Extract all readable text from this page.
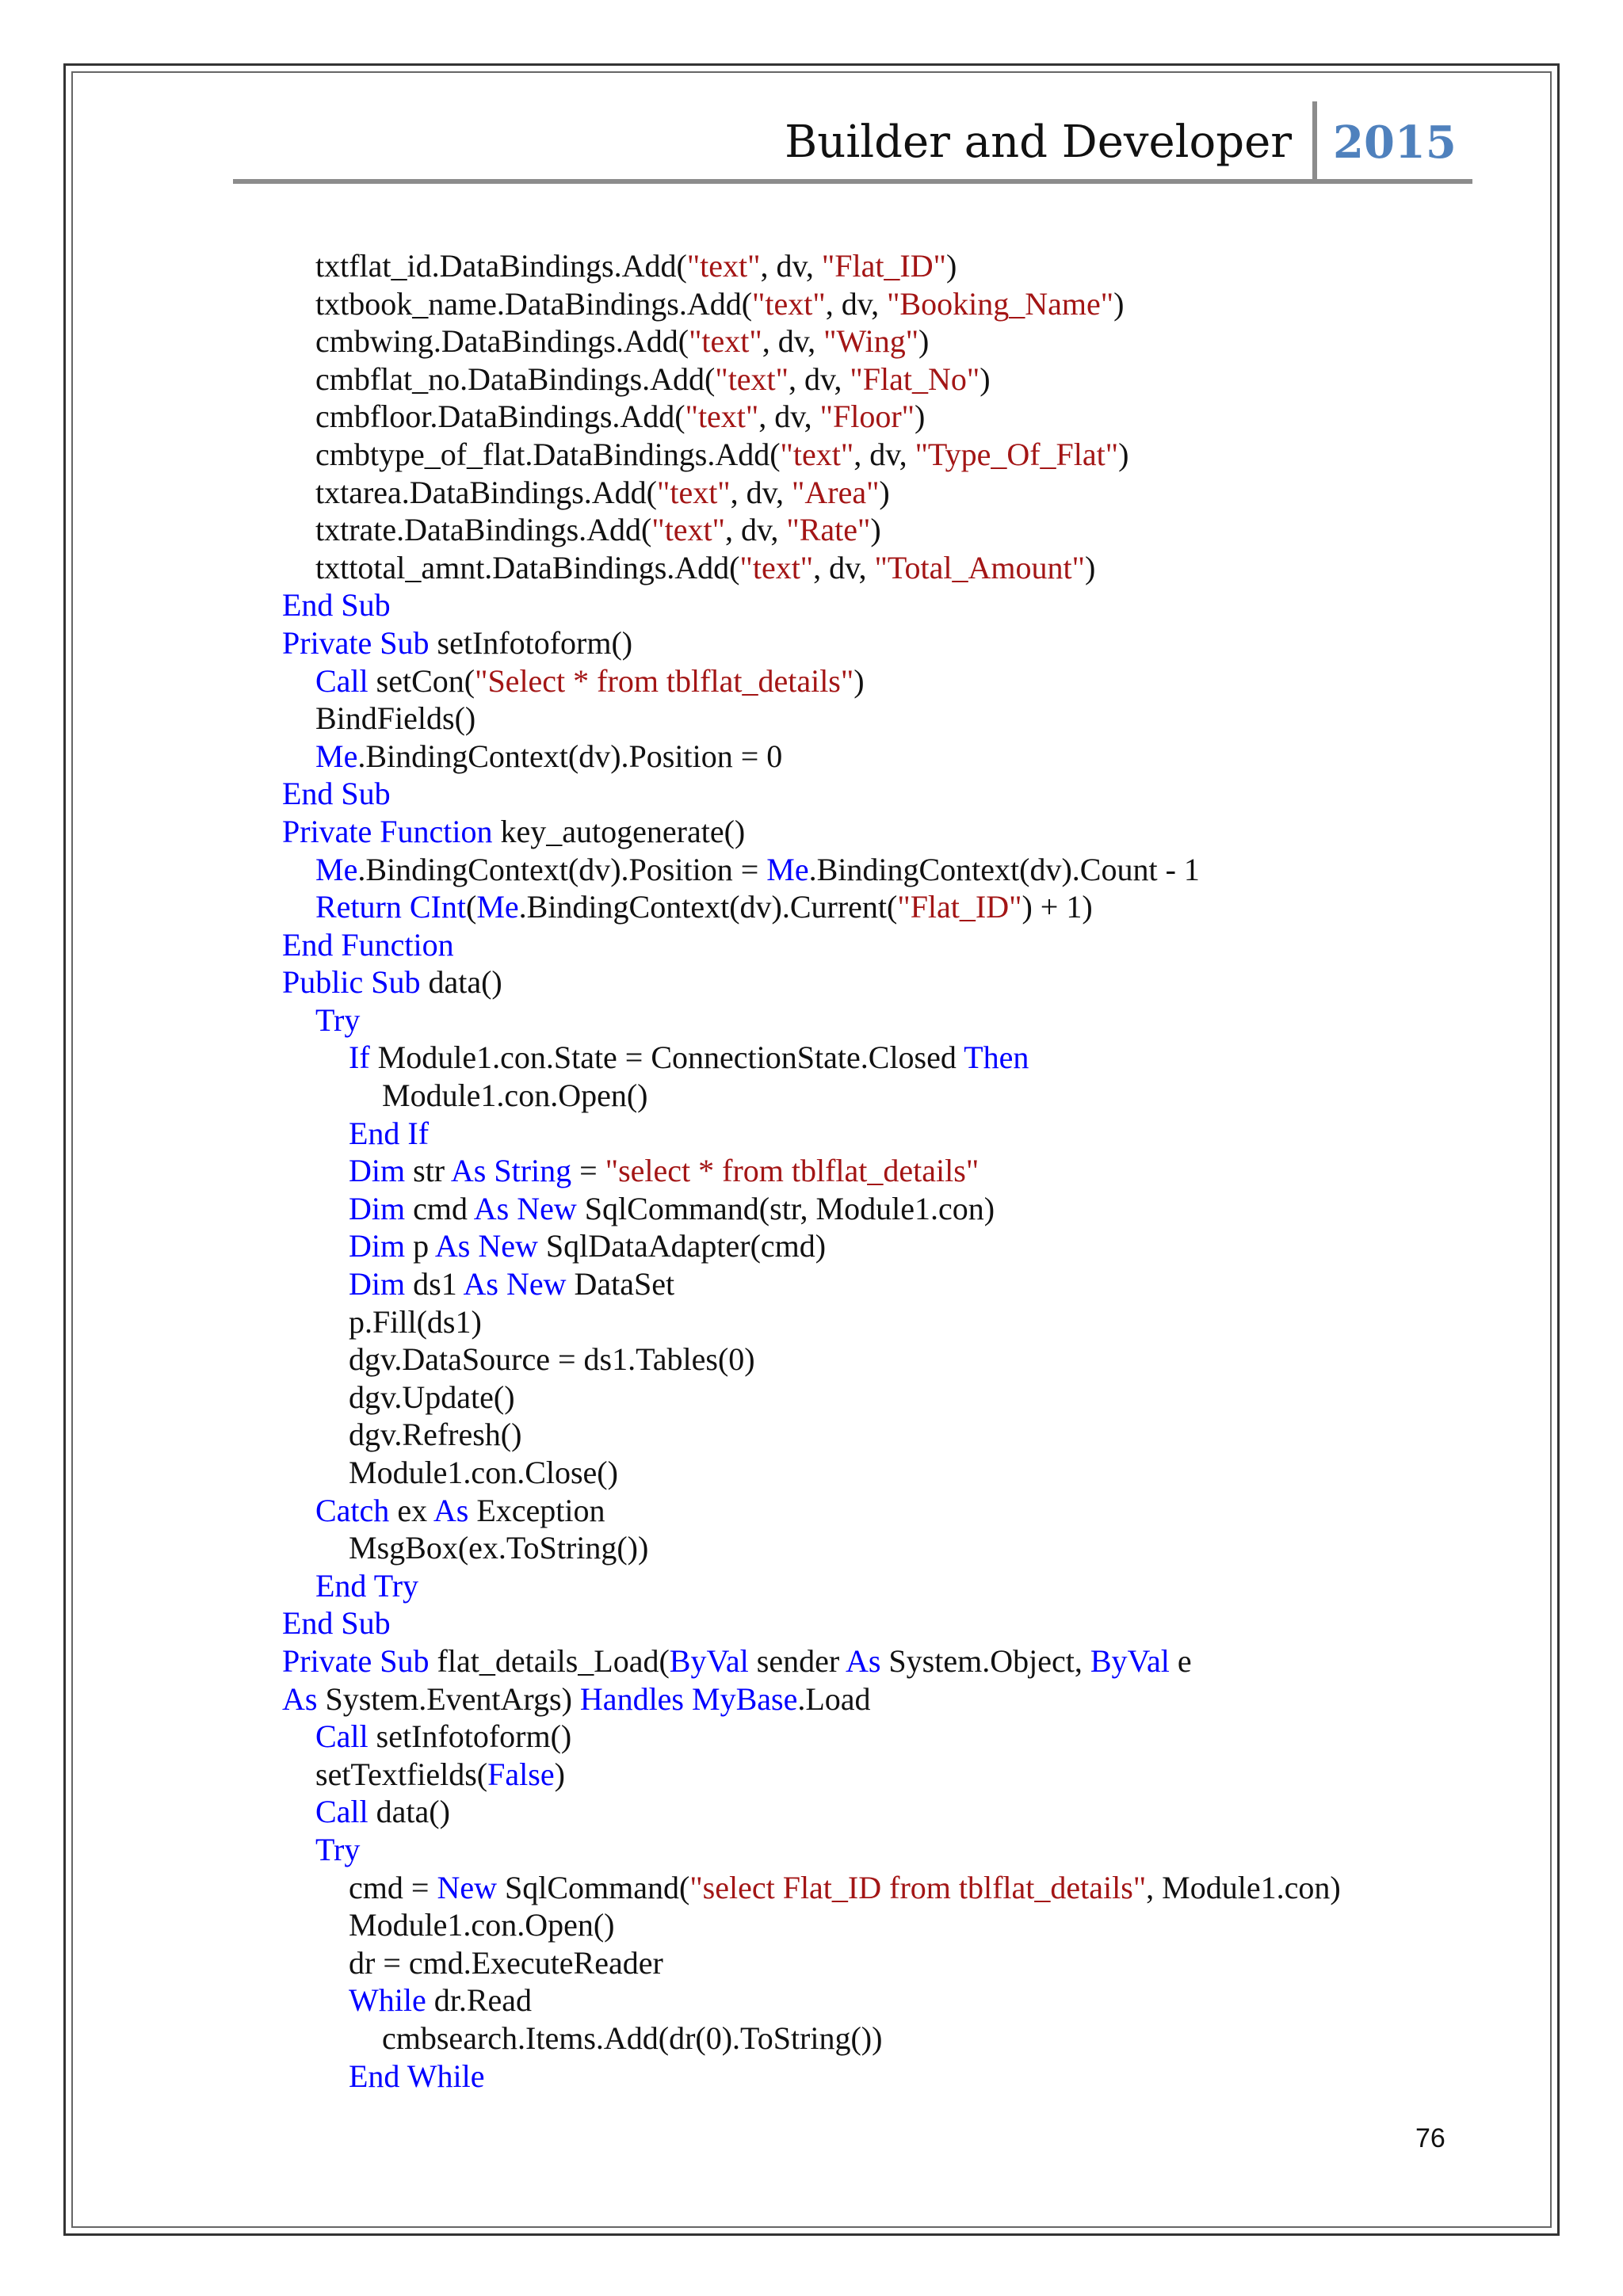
Builder and Developer 2015
txtflat_id.DataBindings.Add("text", dv, "Flat_ID")
txtbook_name.DataBindings.Add("text", dv, "Booking_Name")
cmbwing.DataBindings.Add("text", dv, "Wing")
cmbflat_no.DataBindings.Add("text", dv, "Flat_No")
cmbfloor.DataBindings.Add("text", dv, "Floor")
cmbtype_of_flat.DataBindings.Add("text", dv, "Type_Of_Flat")
txtarea.DataBindings.Add("text", dv, "Area")
txtrate.DataBindings.Add("text", dv, "Rate")
txttotal_amnt.DataBindings.Add("text", dv, "Total_Amount")
End Sub
Private Sub setInfotoform()
Call setCon("Select * from tblflat_details")
BindFields()
Me.BindingContext(dv).Position = 0
End Sub
Private Function key_autogenerate()
Me.BindingContext(dv).Position = Me.BindingContext(dv).Count - 1
Return CInt(Me.BindingContext(dv).Current("Flat_ID") + 1)
End Function
Public Sub data()
Try
If Module1.con.State = ConnectionState.Closed Then
Module1.con.Open()
End If
Dim str As String = "select * from tblflat_details"
Dim cmd As New SqlCommand(str, Module1.con)
Dim p As New SqlDataAdapter(cmd)
Dim ds1 As New DataSet
p.Fill(ds1)
dgv.DataSource = ds1.Tables(0)
dgv.Update()
dgv.Refresh()
Module1.con.Close()
Catch ex As Exception
MsgBox(ex.ToString())
End Try
End Sub
Private Sub flat_details_Load(ByVal sender As System.Object, ByVal e
As System.EventArgs) Handles MyBase.Load
Call setInfotoform()
setTextfields(False)
Call data()
Try
cmd = New SqlCommand("select Flat_ID from tblflat_details", Module1.con)
Module1.con.Open()
dr = cmd.ExecuteReader
While dr.Read
cmbsearch.Items.Add(dr(0).ToString())
End While
76
